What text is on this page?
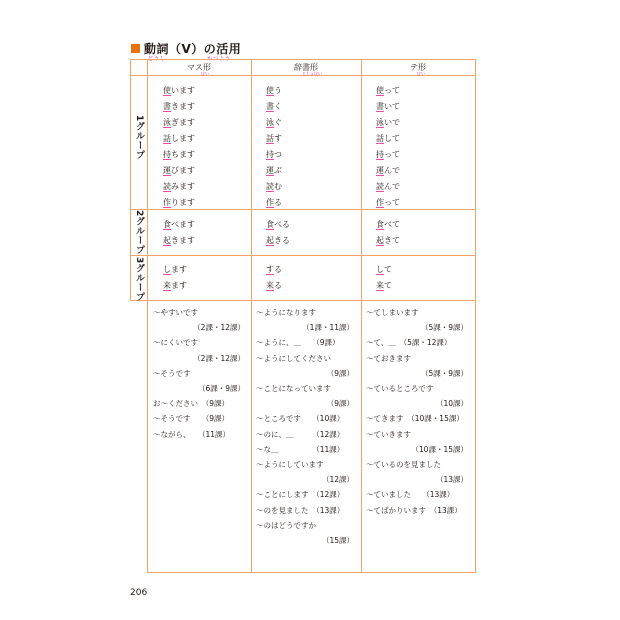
動詞（V）の活用
マス形
けい
辞書形
じしょけい
テ形
けい
1グループ
2グループ
3グループ
使います
書きます
泳ぎます
話します
持ちます
運びます
読みます
作ります
使う
書く
泳ぐ
話す
持つ
運ぶ
読む
作る
使って
書いて
泳いで
話して
持って
運んで
読んで
作って
食べます
起きます
食べる
起きる
食べて
起きて
します
来ます
する
来る
して
来て
～やすいです
（2課・12課）
～にくいです
（2課・12課）
～そうです
（6課・9課）
お～ください　（9課）
～そうです　　（9課）
～ながら、　　（11課）
～ようになります
（1課・11課）
～ように、＿　　（9課）
～ようにしてください
（9課）
～ことになっています
（9課）
～ところです　　（10課）
～のに、＿　　　（12課）
～な＿　　　　　（11課）
～ようにしています
（12課）
～ことにします　（12課）
～のを見ました　（13課）
～のはどうですか
（15課）
～てしまいます
（5課・9課）
～て、＿　（5課・12課）
～ておきます
（5課・9課）
～ているところです
（10課）
～てきます　（10課・15課）
～ていきます
（10課・15課）
～ているのを見ました
（13課）
～ていました　　（13課）
～てばかりいます　（13課）
206
